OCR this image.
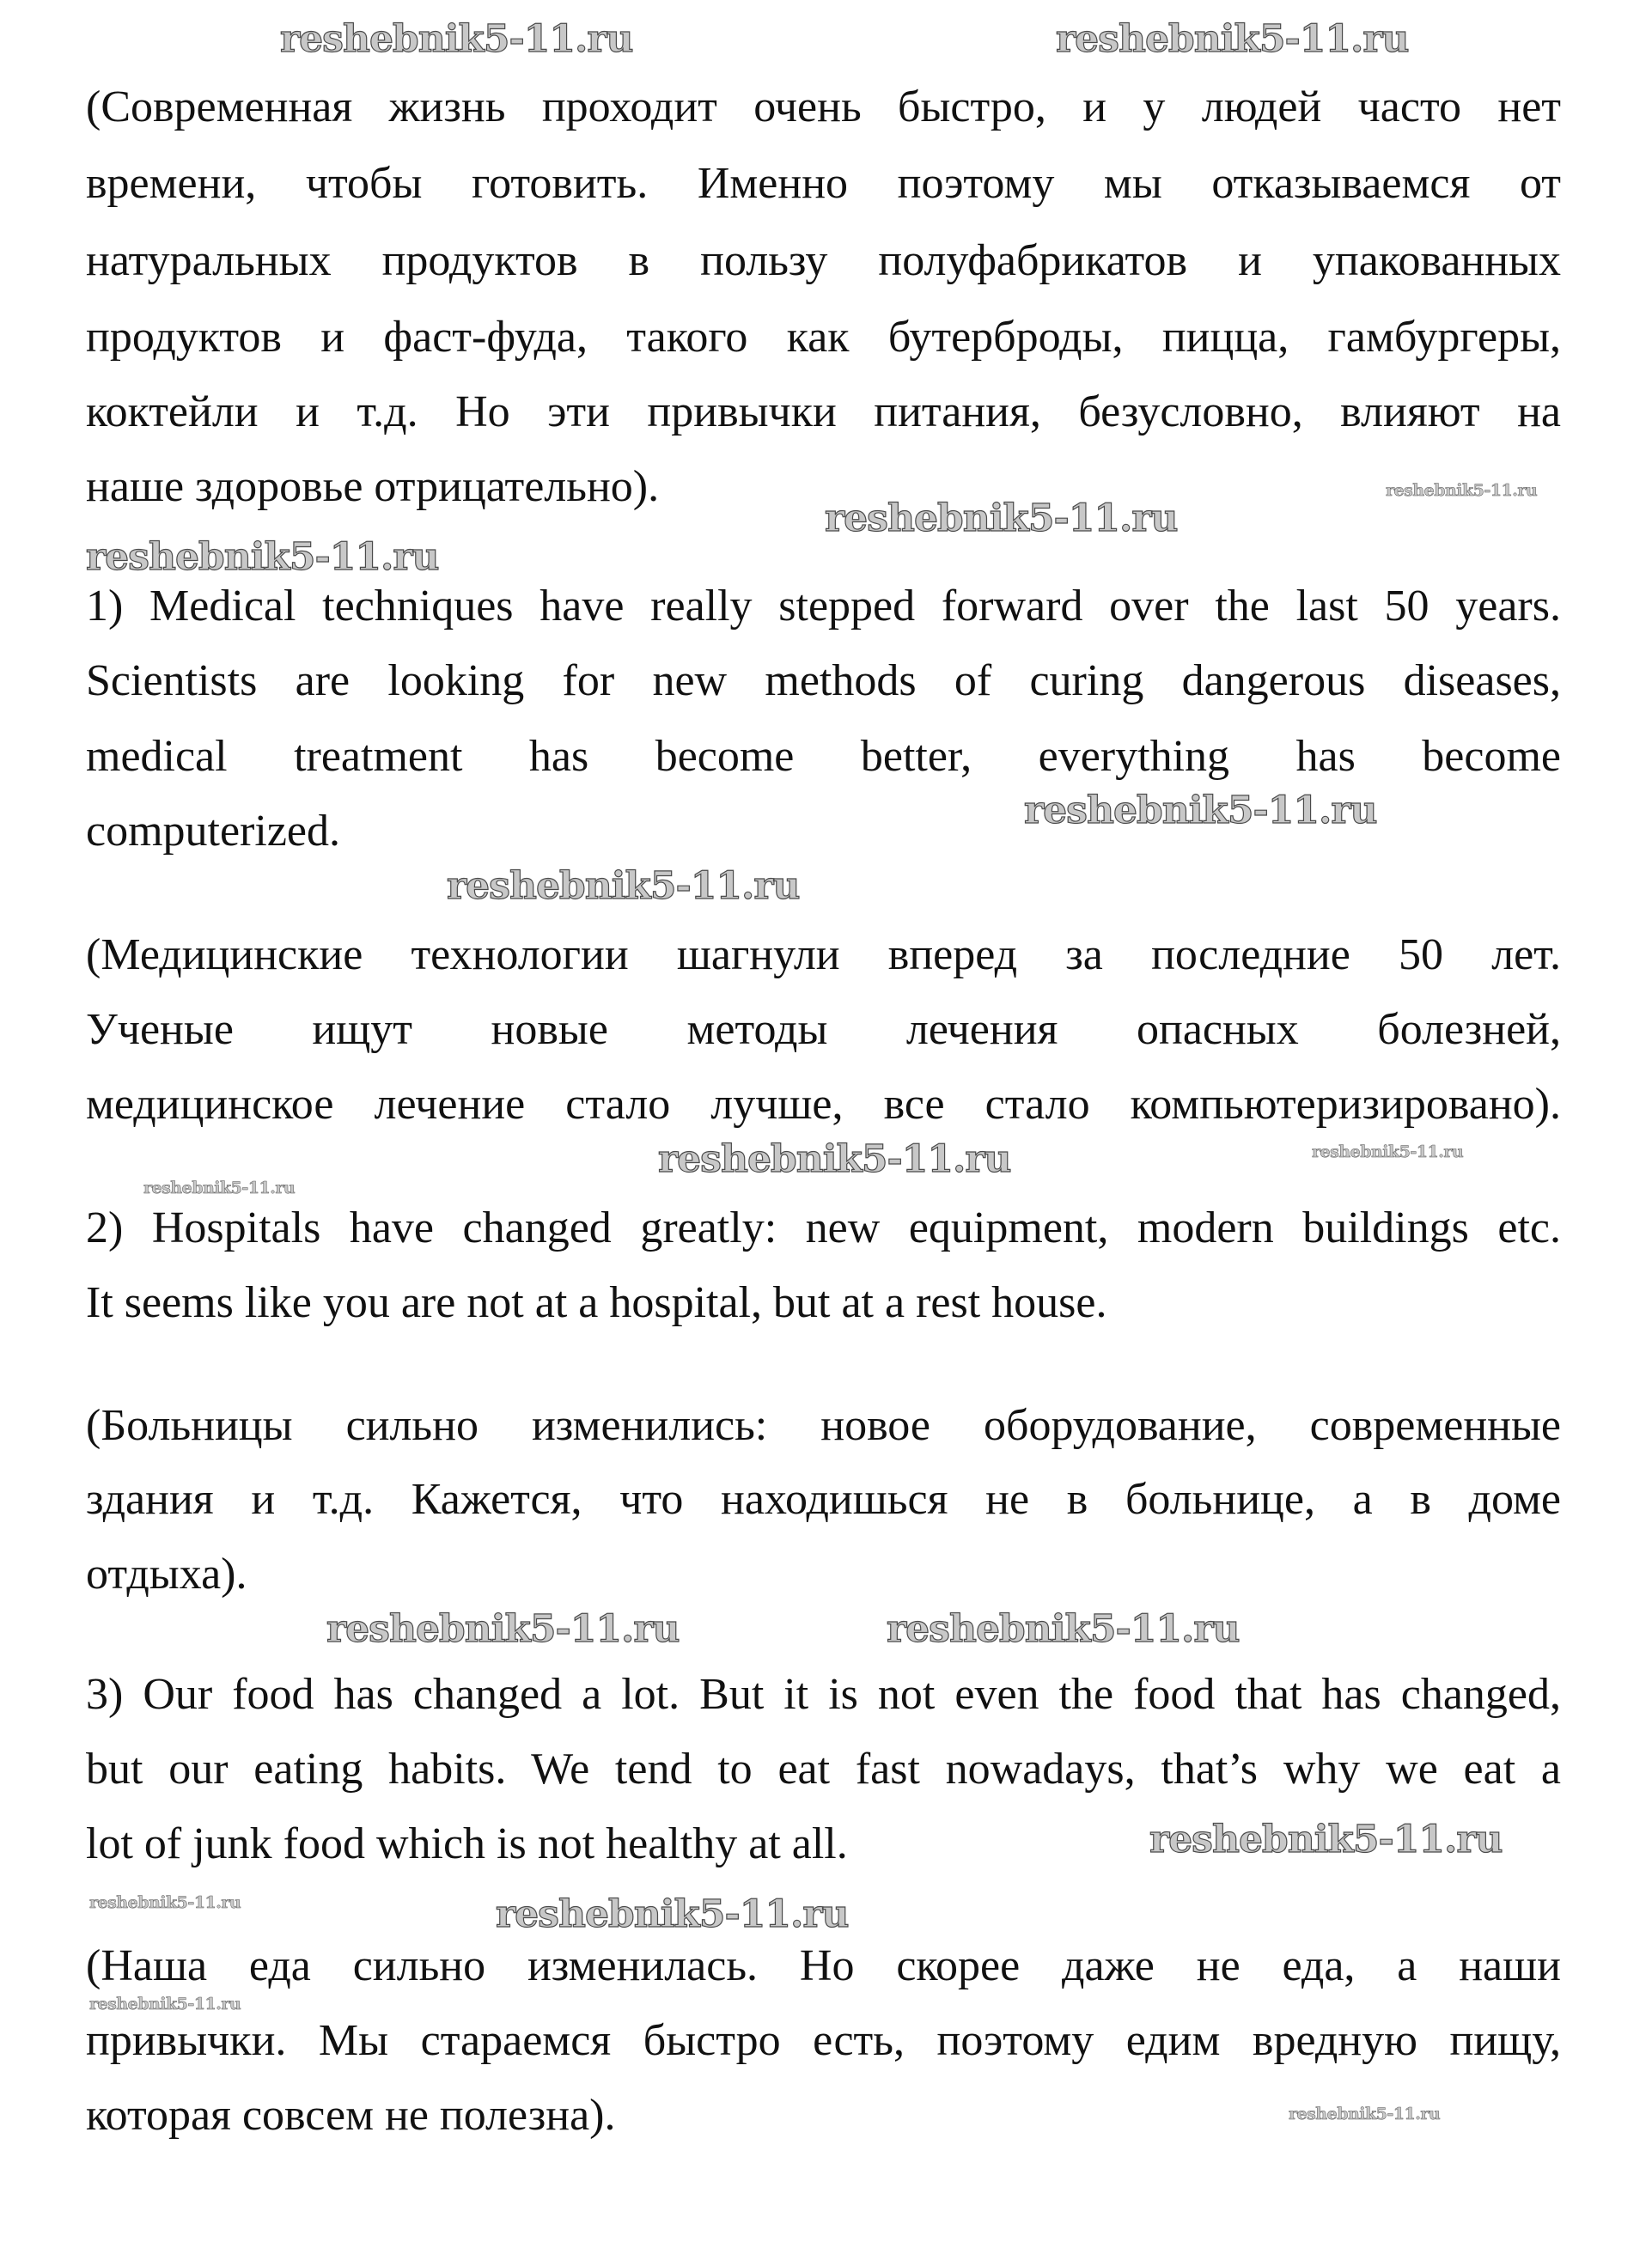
(Современная жизнь проходит очень быстро, и у людей часто нет
времени, чтобы готовить. Именно поэтому мы отказываемся от
натуральных продуктов в пользу полуфабрикатов и упакованных
продуктов и фаст-фуда, такого как бутерброды, пицца, гамбургеры,
коктейли и т.д. Но эти привычки питания, безусловно, влияют на
наше здоровье отрицательно).
1) Medical techniques have really stepped forward over the last 50 years.
Scientists are looking for new methods of curing dangerous diseases,
medical treatment has become better, everything has become
computerized.
(Медицинские технологии шагнули вперед за последние 50 лет.
Ученые ищут новые методы лечения опасных болезней,
медицинское лечение стало лучше, все стало компьютеризировано).
2) Hospitals have changed greatly: new equipment, modern buildings etc.
It seems like you are not at a hospital, but at a rest house.
(Больницы сильно изменились: новое оборудование, современные
здания и т.д. Кажется, что находишься не в больнице, а в доме
отдыха).
3) Our food has changed a lot. But it is not even the food that has changed,
but our eating habits. We tend to eat fast nowadays, that’s why we eat a
lot of junk food which is not healthy at all.
(Наша еда сильно изменилась. Но скорее даже не еда, а наши
привычки. Мы стараемся быстро есть, поэтому едим вредную пищу,
которая совсем не полезна).
reshebnik5-11.ru	reshebnik5-11.ru
reshebnik5-11.ru
reshebnik5-11.ru
reshebnik5-11.ru
reshebnik5-11.ru
reshebnik5-11.ru
reshebnik5-11.ru
reshebnik5-11.ru
reshebnik5-11.ru
reshebnik5-11.ru
reshebnik5-11.ru
reshebnik5-11.ru
reshebnik5-11.ru
reshebnik5-11.ru
reshebnik5-11.ru
reshebnik5-11.ru
